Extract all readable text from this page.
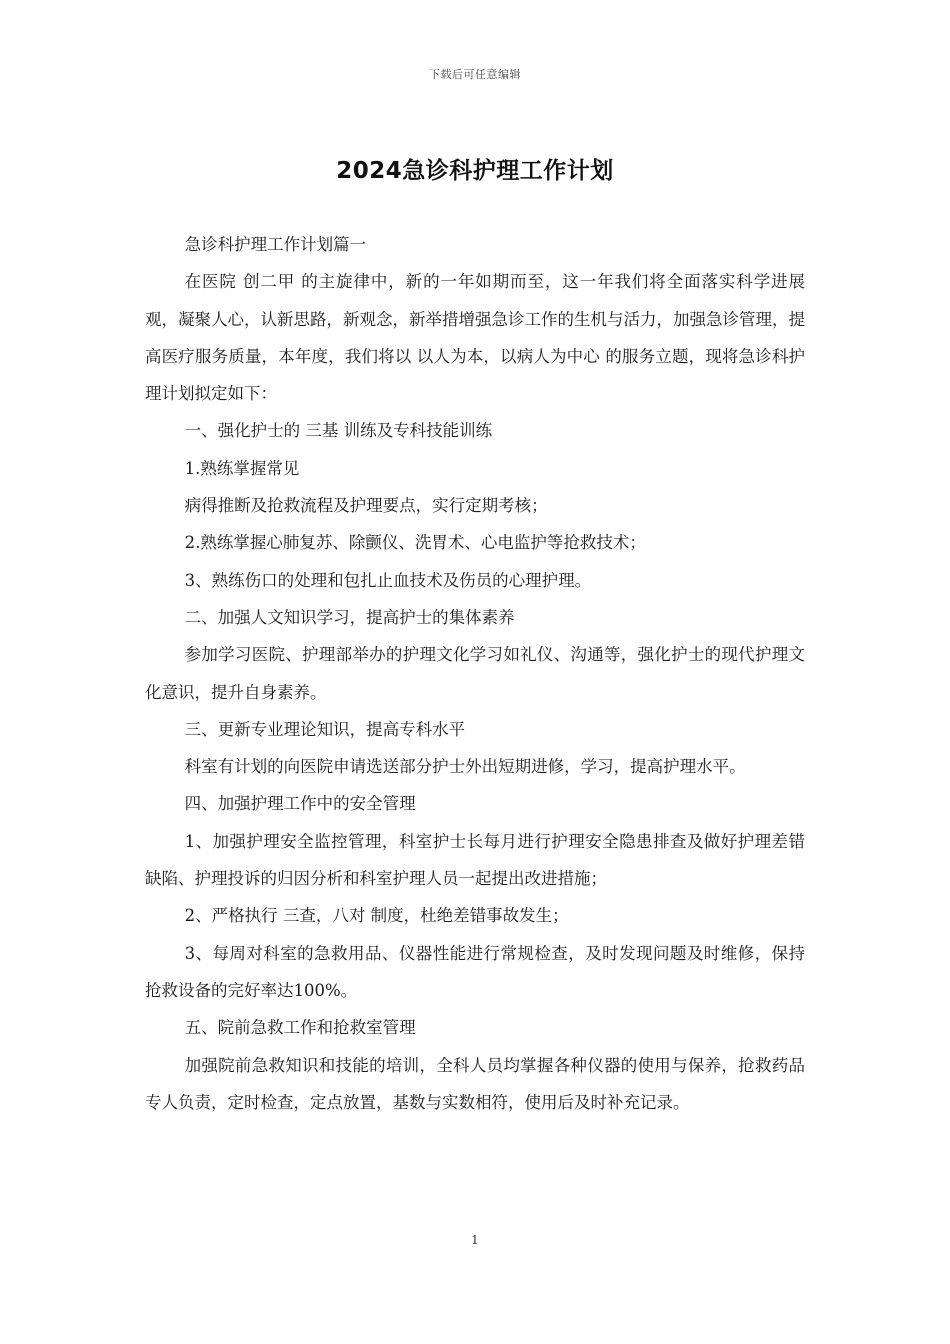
下载后可任意编辑
2024急诊科护理工作计划

急诊科护理工作计划篇一

在医院 创二甲 的主旋律中，新的一年如期而至，这一年我们将全面落实科学进展观，凝聚人心，认新思路，新观念，新举措增强急诊工作的生机与活力，加强急诊管理，提高医疗服务质量，本年度，我们将以 以人为本，以病人为中心 的服务立题，现将急诊科护理计划拟定如下：

一、强化护士的 三基 训练及专科技能训练

1.熟练掌握常见

病得推断及抢救流程及护理要点，实行定期考核；

2.熟练掌握心肺复苏、除颤仪、洗胃术、心电监护等抢救技术；

3、熟练伤口的处理和包扎止血技术及伤员的心理护理。

二、加强人文知识学习，提高护士的集体素养

参加学习医院、护理部举办的护理文化学习如礼仪、沟通等，强化护士的现代护理文化意识，提升自身素养。

三、更新专业理论知识，提高专科水平

科室有计划的向医院申请选送部分护士外出短期进修，学习，提高护理水平。

四、加强护理工作中的安全管理

1、加强护理安全监控管理，科室护士长每月进行护理安全隐患排查及做好护理差错缺陷、护理投诉的归因分析和科室护理人员一起提出改进措施；

2、严格执行 三查，八对 制度，杜绝差错事故发生；

3、每周对科室的急救用品、仪器性能进行常规检查，及时发现问题及时维修，保持抢救设备的完好率达100%。

五、院前急救工作和抢救室管理

加强院前急救知识和技能的培训，全科人员均掌握各种仪器的使用与保养，抢救药品专人负责，定时检查，定点放置，基数与实数相符，使用后及时补充记录。

1
